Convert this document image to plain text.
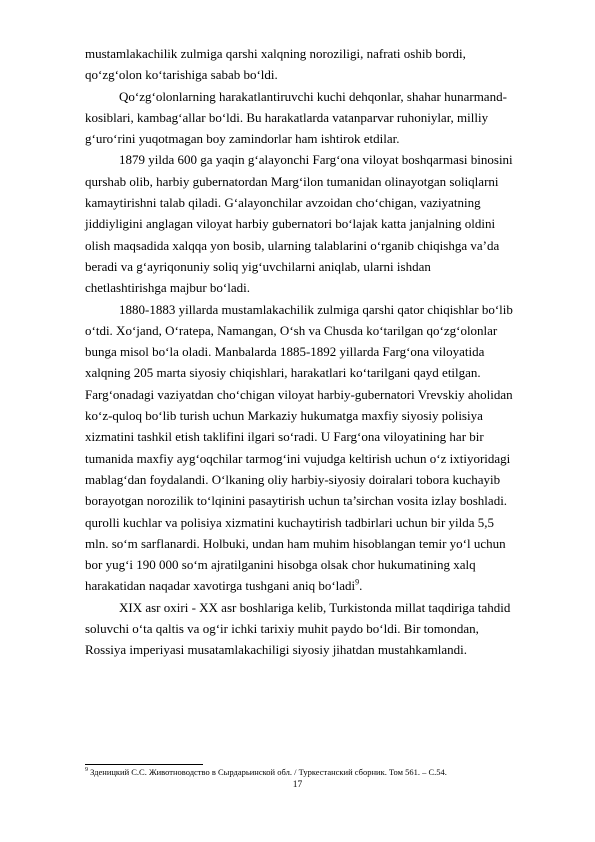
mustamlakachilik zulmiga qarshi xalqning noroziligi, nafrati oshib bordi,
qo‘zg‘olon ko‘tarishiga sabab bo‘ldi.

Qo‘zg‘olonlarning harakatlantiruvchi kuchi dehqonlar, shahar hunarmand-
kosiblari, kambag‘allar bo‘ldi. Bu harakatlarda vatanparvar ruhoniylar, milliy
g‘uro‘rini yuqotmagan boy zamindorlar ham ishtirok etdilar.

1879 yilda 600 ga yaqin g‘alayonchi Farg‘ona viloyat boshqarmasi binosini
qurshab olib, harbiy gubernatordan Marg‘ilon tumanidan olinayotgan soliqlarni
kamaytirishni talab qiladi. G‘alayonchilar avzoidan cho‘chigan, vaziyatning
jiddiyligini anglagan viloyat harbiy gubernatori bo‘lajak katta janjalning oldini
olish maqsadida xalqqa yon bosib, ularning talablarini o‘rganib chiqishga va’da
beradi va g‘ayriqonuniy soliq yig‘uvchilarni aniqlab, ularni ishdan
chetlashtirishga majbur bo‘ladi.

1880-1883 yillarda mustamlakachilik zulmiga qarshi qator chiqishlar bo‘lib
o‘tdi. Xo‘jand, O‘ratepa, Namangan, O‘sh va Chusda ko‘tarilgan qo‘zg‘olonlar
bunga misol bo‘la oladi. Manbalarda 1885-1892 yillarda Farg‘ona viloyatida
xalqning 205 marta siyosiy chiqishlari, harakatlari ko‘tarilgani qayd etilgan.
Farg‘onadagi vaziyatdan cho‘chigan viloyat harbiy-gubernatori Vrevskiy aholidan
ko‘z-quloq bo‘lib turish uchun Markaziy hukumatga maxfiy siyosiy polisiya
xizmatini tashkil etish taklifini ilgari so‘radi. U Farg‘ona viloyatining har bir
tumanida maxfiy ayg‘oqchilar tarmog‘ini vujudga keltirish uchun o‘z ixtiyoridagi
mablag‘dan foydalandi. O‘lkaning oliy harbiy-siyosiy doiralari tobora kuchayib
borayotgan norozilik to‘lqinini pasaytirish uchun ta’sirchan vosita izlay boshladi.
qurolli kuchlar va polisiya xizmatini kuchaytirish tadbirlari uchun bir yilda 5,5
mln. so‘m sarflanardi. Holbuki, undan ham muhim hisoblangan temir yo‘l uchun
bor yug‘i 190 000 so‘m ajratilganini hisobga olsak chor hukumatining xalq
harakatidan naqadar xavotirga tushgani aniq bo‘ladi$^9$.

XIX asr oxiri - XX asr boshlariga kelib, Turkistonda millat taqdiriga tahdid
soluvchi o‘ta qaltis va og‘ir ichki tarixiy muhit paydo bo‘ldi. Bir tomondan,
Rossiya imperiyasi musatamlakachiligi siyosiy jihatdan mustahkamlandi.

$^9$ Зденицкий С.С. Животноводство в Сырдарьинской обл. / Туркестанский сборник. Том 561. – С.54.
17
